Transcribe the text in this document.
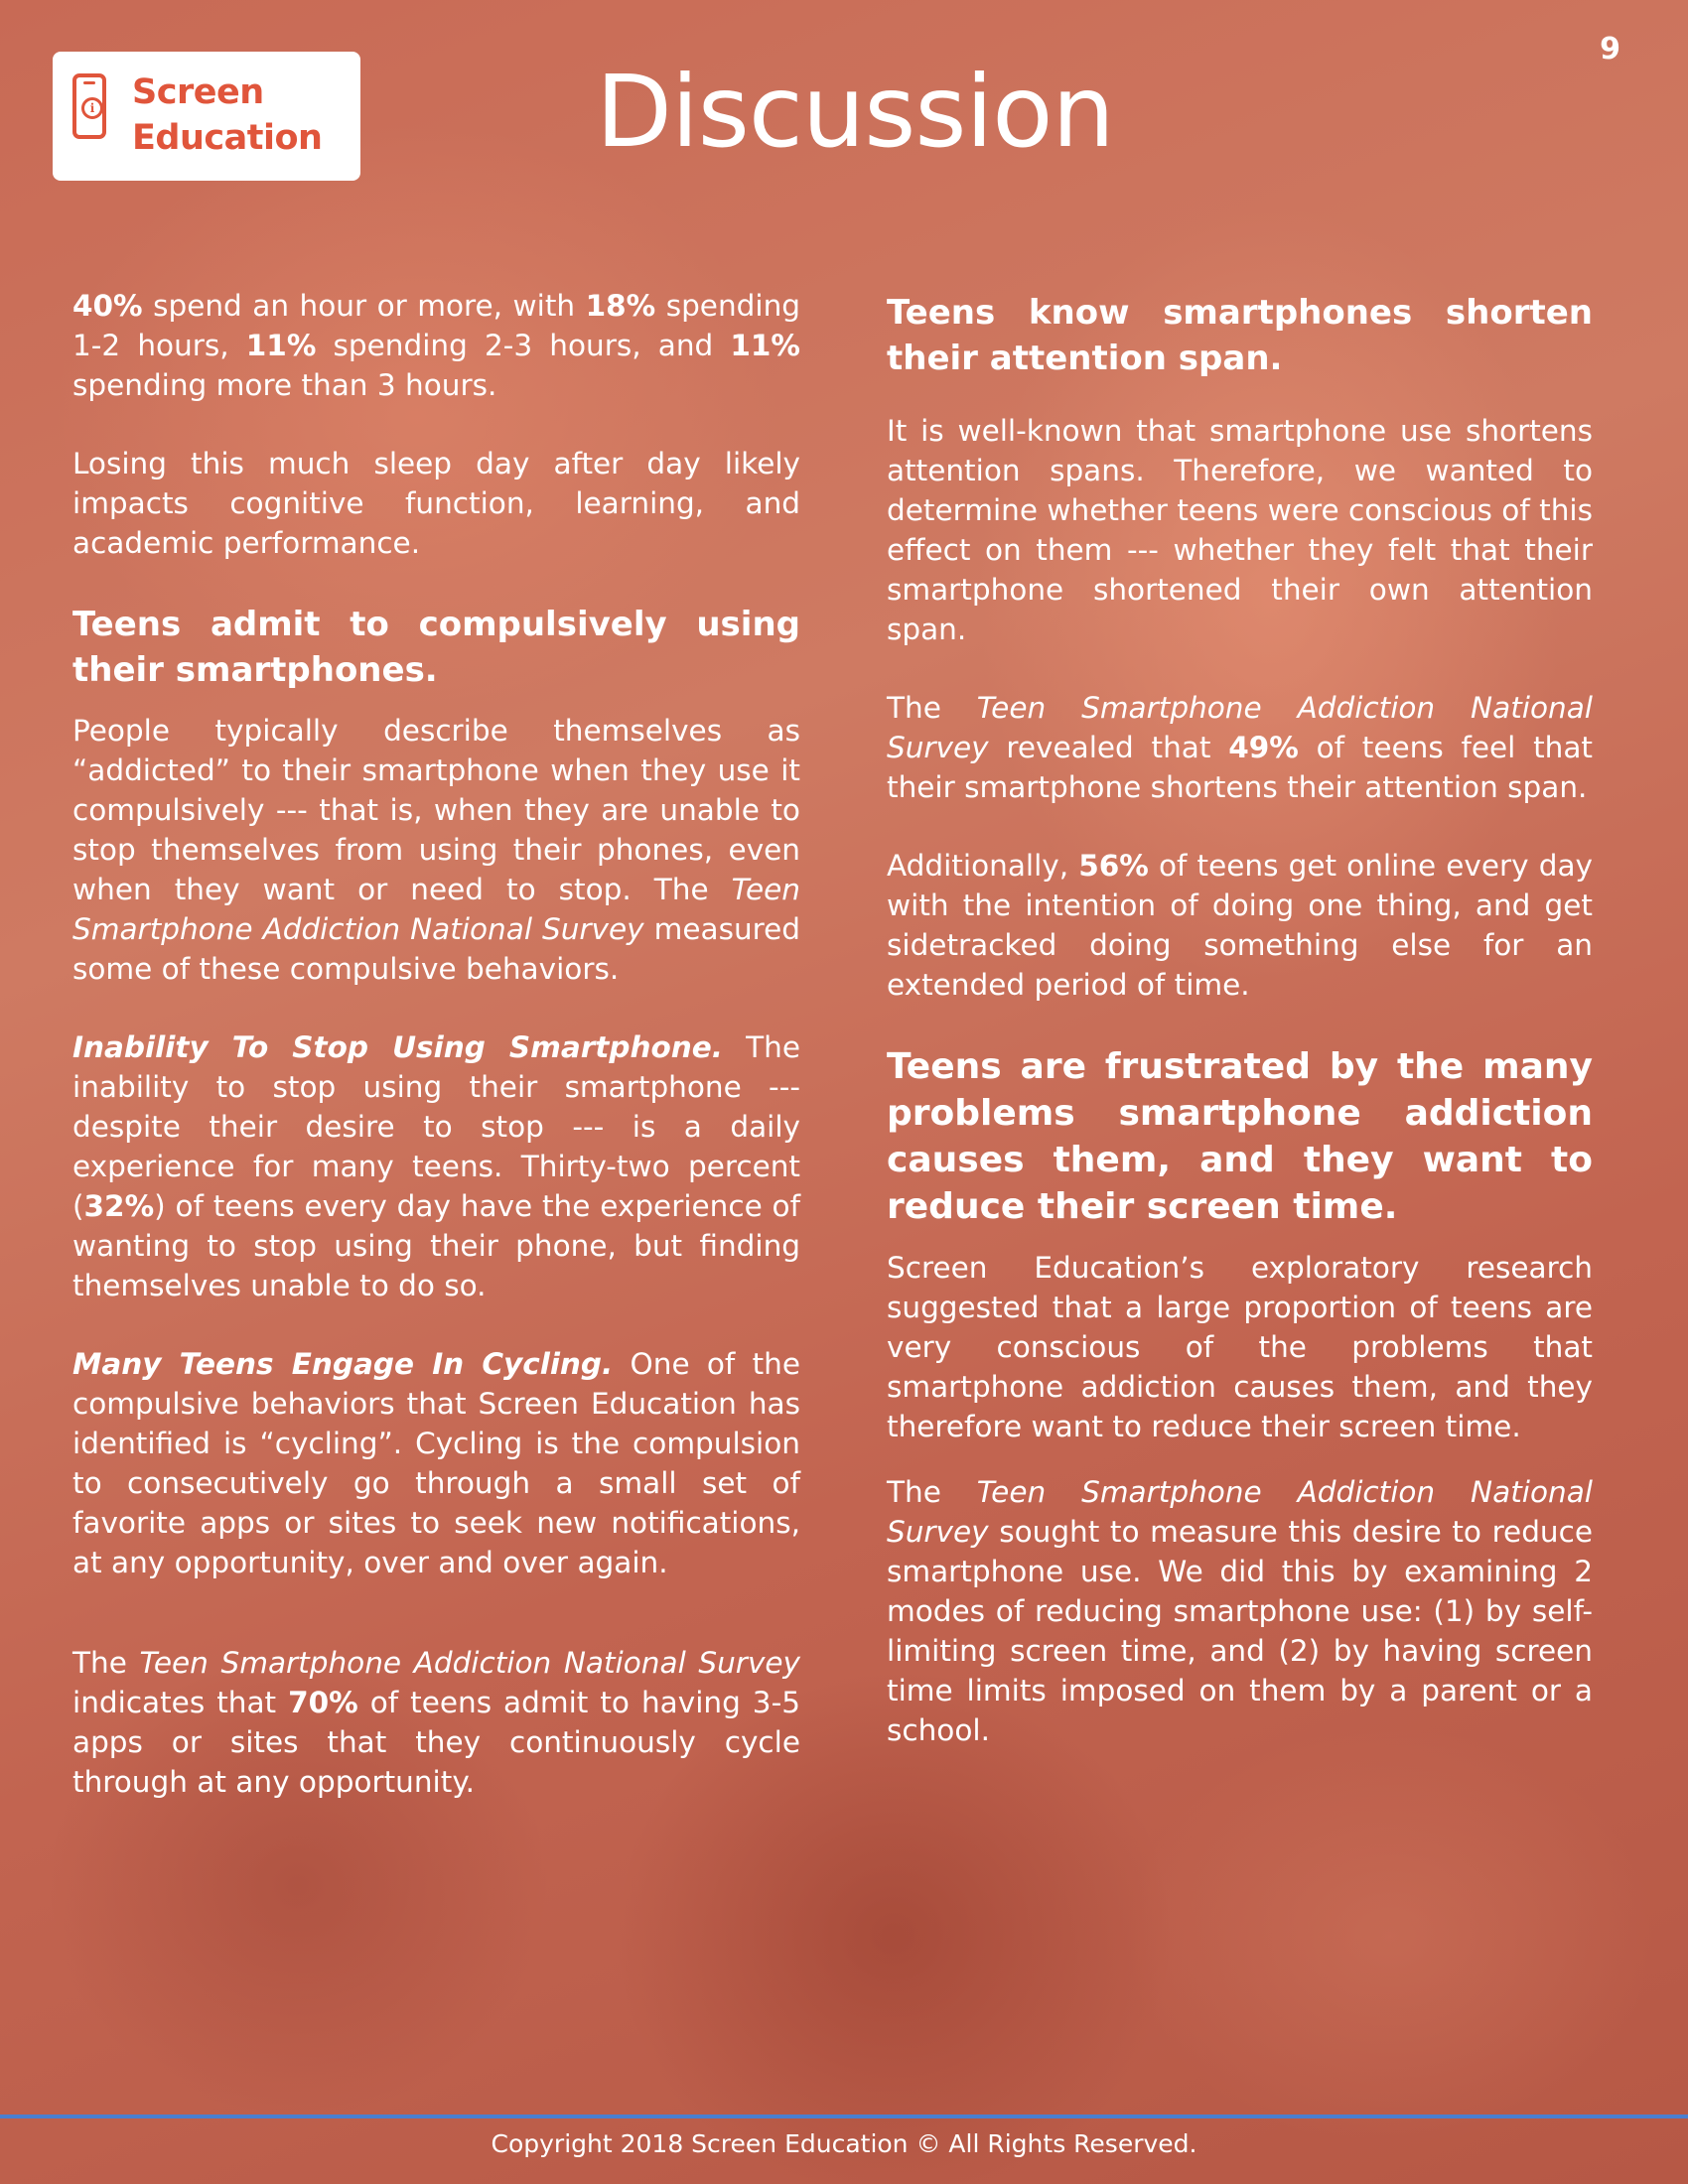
i Screen
Education
9
Discussion

40% spend an hour or more, with 18% spending 1-2 hours, 11% spending 2-3 hours, and 11% spending more than 3 hours.

Losing this much sleep day after day likely impacts cognitive function, learning, and academic performance.

Teens admit to compulsively using their smartphones.

People typically describe themselves as “addicted” to their smartphone when they use it compulsively --- that is, when they are unable to stop themselves from using their phones, even when they want or need to stop. The Teen Smartphone Addiction National Survey measured some of these compulsive behaviors.

Inability To Stop Using Smartphone. The inability to stop using their smartphone --- despite their desire to stop --- is a daily experience for many teens. Thirty-two percent (32%) of teens every day have the experience of wanting to stop using their phone, but finding themselves unable to do so.

Many Teens Engage In Cycling. One of the compulsive behaviors that Screen Education has identified is “cycling”. Cycling is the compulsion to consecutively go through a small set of favorite apps or sites to seek new notifications, at any opportunity, over and over again.

The Teen Smartphone Addiction National Survey indicates that 70% of teens admit to having 3-5 apps or sites that they continuously cycle through at any opportunity.

Teens know smartphones shorten their attention span.

It is well-known that smartphone use shortens attention spans. Therefore, we wanted to determine whether teens were conscious of this effect on them --- whether they felt that their smartphone shortened their own attention span.

The Teen Smartphone Addiction National Survey revealed that 49% of teens feel that their smartphone shortens their attention span.

Additionally, 56% of teens get online every day with the intention of doing one thing, and get sidetracked doing something else for an extended period of time.

Teens are frustrated by the many problems smartphone addiction causes them, and they want to reduce their screen time.

Screen Education’s exploratory research suggested that a large proportion of teens are very conscious of the problems that smartphone addiction causes them, and they therefore want to reduce their screen time.

The Teen Smartphone Addiction National Survey sought to measure this desire to reduce smartphone use. We did this by examining 2 modes of reducing smartphone use: (1) by self-limiting screen time, and (2) by having screen time limits imposed on them by a parent or a school.

Copyright 2018 Screen Education © All Rights Reserved.
